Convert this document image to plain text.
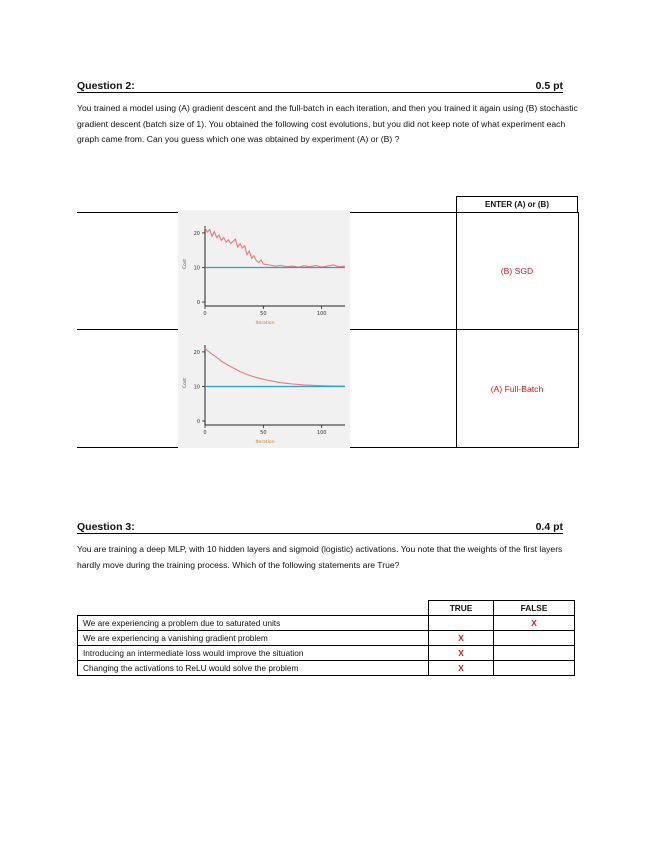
Question 2:	0.5 pt

You trained a model using (A) gradient descent and the full-batch in each iteration, and then you trained it again using (B) stochastic gradient descent (batch size of 1). You obtained the following cost evolutions, but you did not keep note of what experiment each graph came from. Can you guess which one was obtained by experiment (A) or (B) ?

ENTER (A) or (B)
(B) SGD
(A) Full-Batch
0
10
20
0	50	100
Iteration
Cost
0
10
20
0	50	100
Iteration
Cost
Question 3:	0.4 pt

You are training a deep MLP, with 10 hidden layers and sigmoid (logistic) activations. You note that the weights of the first layers hardly move during the training process. Which of the following statements are True?

	TRUE	FALSE
We are experiencing a problem due to saturated units		X
We are experiencing a vanishing gradient problem	X	
Introducing an intermediate loss would improve the situation	X	
Changing the activations to ReLU would solve the problem	X	
